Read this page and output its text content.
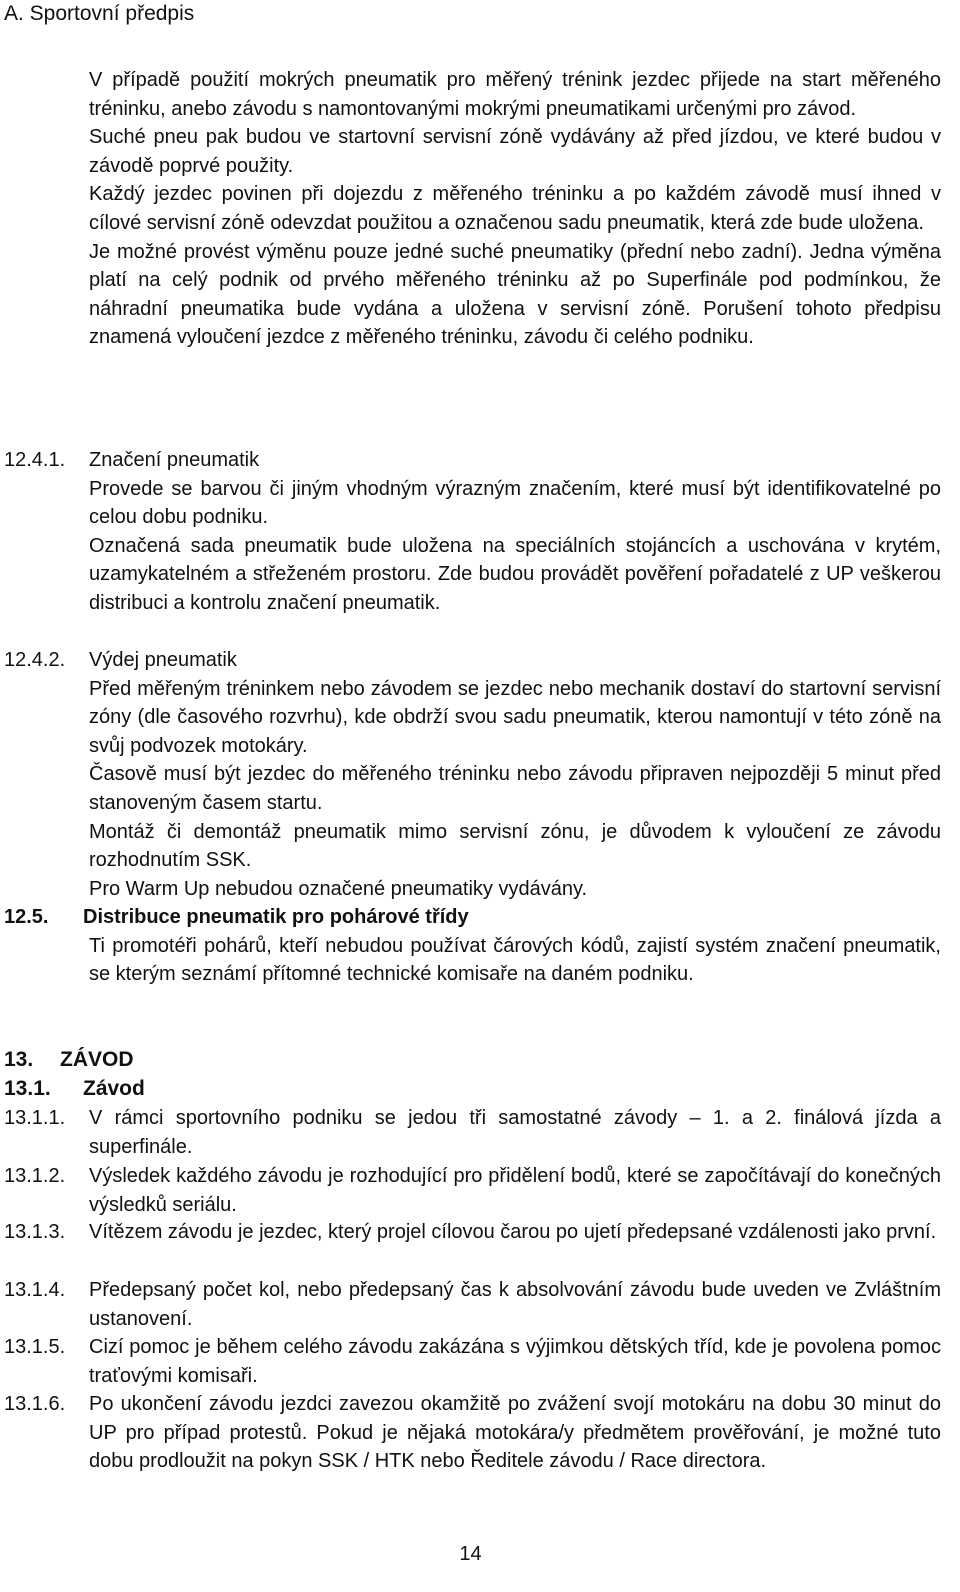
A. Sportovní předpis

V případě použití mokrých pneumatik pro měřený trénink jezdec přijede na start měřeného tréninku, anebo závodu s namontovanými mokrými pneumatikami určenými pro závod.

Suché pneu pak budou ve startovní servisní zóně vydávány až před jízdou, ve které budou v závodě poprvé použity.

Každý jezdec povinen při dojezdu z měřeného tréninku a po každém závodě musí ihned v cílové servisní zóně odevzdat použitou a označenou sadu pneumatik, která zde bude uložena.

Je možné provést výměnu pouze jedné suché pneumatiky (přední nebo zadní). Jedna výměna platí na celý podnik od prvého měřeného tréninku až po Superfinále pod podmínkou, že náhradní pneumatika bude vydána a uložena v servisní zóně. Porušení tohoto předpisu znamená vyloučení jezdce z měřeného tréninku, závodu či celého podniku.

12.4.1. Značení pneumatik

Provede se barvou či jiným vhodným výrazným značením, které musí být identifikovatelné po celou dobu podniku.

Označená sada pneumatik bude uložena na speciálních stojáncích a uschována v krytém, uzamykatelném a střeženém prostoru. Zde budou provádět pověření pořadatelé z UP veškerou distribuci a kontrolu značení pneumatik.

12.4.2. Výdej pneumatik

Před měřeným tréninkem nebo závodem se jezdec nebo mechanik dostaví do startovní servisní zóny (dle časového rozvrhu), kde obdrží svou sadu pneumatik, kterou namontují v této zóně na svůj podvozek motokáry.

Časově musí být jezdec do měřeného tréninku nebo závodu připraven nejpozději 5 minut před stanoveným časem startu.

Montáž či demontáž pneumatik mimo servisní zónu, je důvodem k vyloučení ze závodu rozhodnutím SSK.

Pro Warm Up nebudou označené pneumatiky vydávány.

12.5. Distribuce pneumatik pro pohárové třídy

Ti promotéři pohárů, kteří nebudou používat čárových kódů, zajistí systém značení pneumatik, se kterým seznámí přítomné technické komisaře na daném podniku.

13. ZÁVOD
13.1. Závod
13.1.1. V rámci sportovního podniku se jedou tři samostatné závody – 1. a 2. finálová jízda a superfinále.

13.1.2. Výsledek každého závodu je rozhodující pro přidělení bodů, které se započítávají do konečných výsledků seriálu.

13.1.3. Vítězem závodu je jezdec, který projel cílovou čarou po ujetí předepsané vzdálenosti jako první.

13.1.4. Předepsaný počet kol, nebo předepsaný čas k absolvování závodu bude uveden ve Zvláštním ustanovení.

13.1.5. Cizí pomoc je během celého závodu zakázána s výjimkou dětských tříd, kde je povolena pomoc traťovými komisaři.

13.1.6. Po ukončení závodu jezdci zavezou okamžitě po zvážení svojí motokáru na dobu 30 minut do UP pro případ protestů. Pokud je nějaká motokára/y předmětem prověřování, je možné tuto dobu prodloužit na pokyn SSK / HTK nebo Ředitele závodu / Race directora.

14
